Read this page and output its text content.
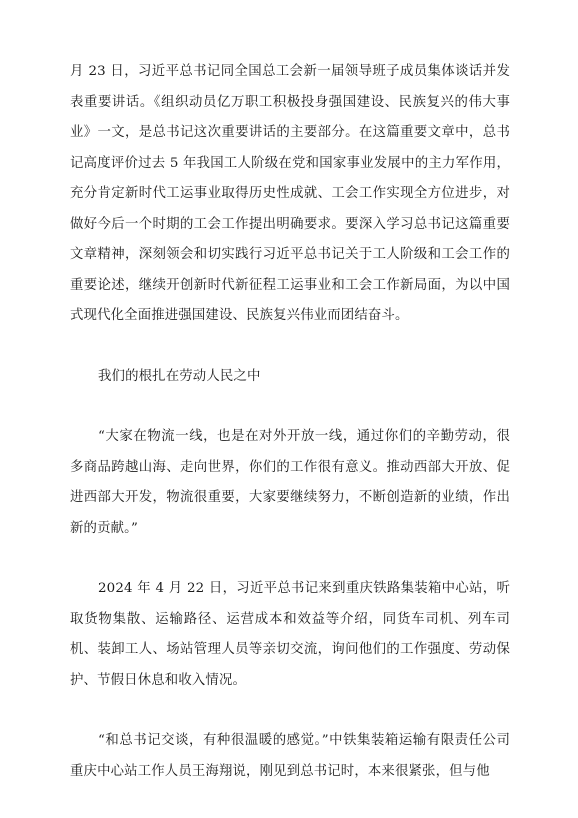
月 23 日，习近平总书记同全国总工会新一届领导班子成员集体谈话并发表重要讲话。《组织动员亿万职工积极投身强国建设、民族复兴的伟大事业》一文，是总书记这次重要讲话的主要部分。在这篇重要文章中，总书记高度评价过去 5 年我国工人阶级在党和国家事业发展中的主力军作用，充分肯定新时代工运事业取得历史性成就、工会工作实现全方位进步，对做好今后一个时期的工会工作提出明确要求。要深入学习总书记这篇重要文章精神，深刻领会和切实践行习近平总书记关于工人阶级和工会工作的重要论述，继续开创新时代新征程工运事业和工会工作新局面，为以中国式现代化全面推进强国建设、民族复兴伟业而团结奋斗。

我们的根扎在劳动人民之中

“大家在物流一线，也是在对外开放一线，通过你们的辛勤劳动，很多商品跨越山海、走向世界，你们的工作很有意义。推动西部大开放、促进西部大开发，物流很重要，大家要继续努力，不断创造新的业绩，作出新的贡献。”

2024 年 4 月 22 日，习近平总书记来到重庆铁路集装箱中心站，听取货物集散、运输路径、运营成本和效益等介绍，同货车司机、列车司机、装卸工人、场站管理人员等亲切交流，询问他们的工作强度、劳动保护、节假日休息和收入情况。

“和总书记交谈，有种很温暖的感觉。”中铁集装箱运输有限责任公司重庆中心站工作人员王海翔说，刚见到总书记时，本来很紧张，但与他
